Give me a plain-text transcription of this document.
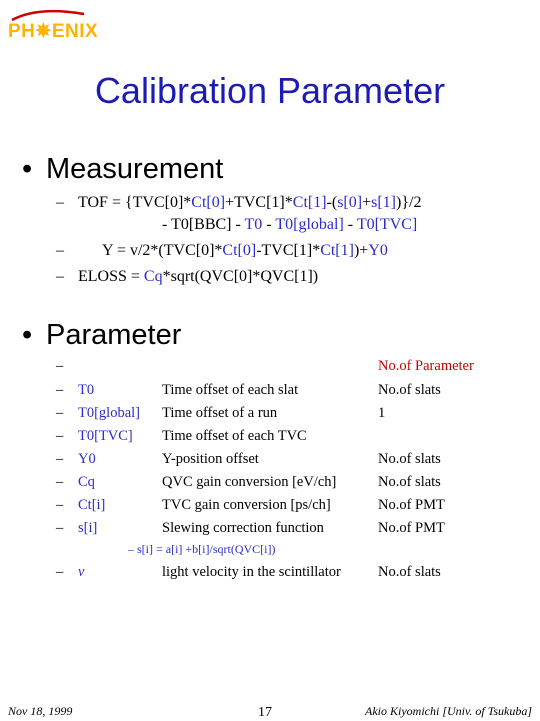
PH✵ENIX
Calibration Parameter
• Measurement
– TOF = {TVC[0]*Ct[0]+TVC[1]*Ct[1]-(s[0]+s[1])}/2
- T0[BBC] - T0 - T0[global] - T0[TVC]
– Y = v/2*(TVC[0]*Ct[0]-TVC[1]*Ct[1])+Y0
– ELOSS = Cq*sqrt(QVC[0]*QVC[1])
• Parameter
–	No.of Parameter
– T0	Time offset of each slat	No.of slats
– T0[global] Time offset of a run	1
– T0[TVC] Time offset of each TVC
– Y0	Y-position offset	No.of slats
– Cq	QVC gain conversion [eV/ch]	No.of slats
– Ct[i]	TVC gain conversion [ps/ch]	No.of PMT
– s[i]	Slewing correction function	No.of PMT
– v	light velocity in the scintillator	No.of slats
– s[i] = a[i] +b[i]/sqrt(QVC[i])
Nov 18, 1999	17	Akio Kiyomichi [Univ. of Tsukuba]
